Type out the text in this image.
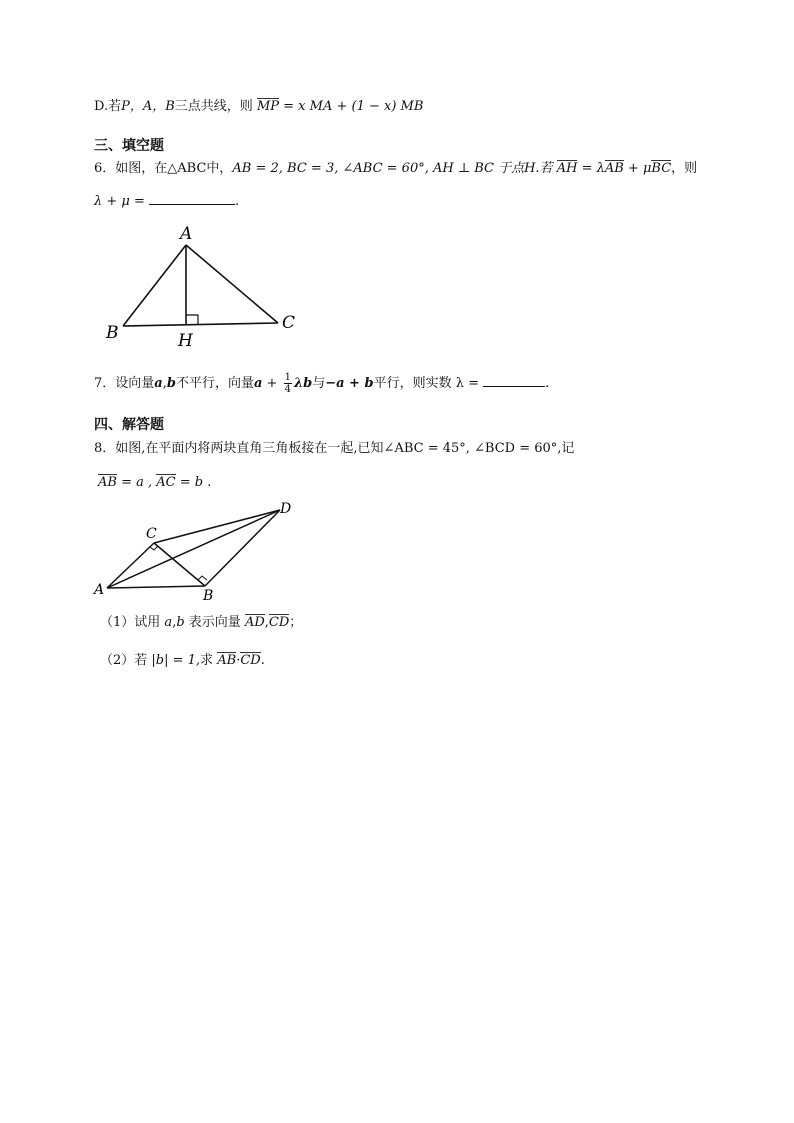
D.若P，A，B三点共线，则 MP = x MA + (1 − x) MB
三、填空题
6．如图，在△ABC中，AB = 2, BC = 3, ∠ABC = 60°, AH ⊥ BC 于点H.若 AH = λAB + μBC，则
λ + μ =	.
A
B	C
H
7．设向量a,b不平行，向量$a + \frac{1}{4}$ λb与−a + b平行，则实数 λ =	.
四、解答题
8．如图,在平面内将两块直角三角板接在一起,已知∠ABC = 45°, ∠BCD = 60°,记
AB = a , AC = b .
A	B
C
D
（1）试用 a,b 表示向量 AD,CD；
（2）若 |b| = 1,求 AB·CD.
